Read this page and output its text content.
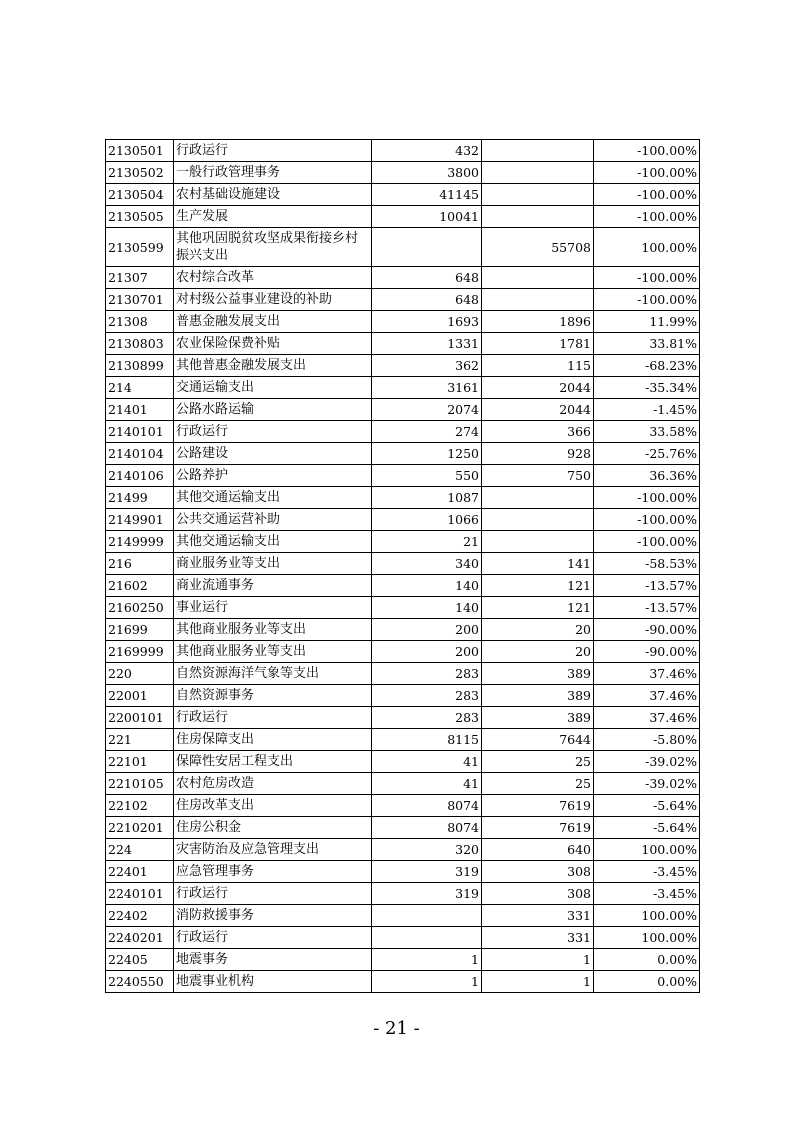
2130501	行政运行	432		-100.00%
2130502	一般行政管理事务	3800		-100.00%
2130504	农村基础设施建设	41145		-100.00%
2130505	生产发展	10041		-100.00%
2130599	其他巩固脱贫攻坚成果衔接乡村振兴支出		55708	100.00%
21307	农村综合改革	648		-100.00%
2130701	对村级公益事业建设的补助	648		-100.00%
21308	普惠金融发展支出	1693	1896	11.99%
2130803	农业保险保费补贴	1331	1781	33.81%
2130899	其他普惠金融发展支出	362	115	-68.23%
214	交通运输支出	3161	2044	-35.34%
21401	公路水路运输	2074	2044	-1.45%
2140101	行政运行	274	366	33.58%
2140104	公路建设	1250	928	-25.76%
2140106	公路养护	550	750	36.36%
21499	其他交通运输支出	1087		-100.00%
2149901	公共交通运营补助	1066		-100.00%
2149999	其他交通运输支出	21		-100.00%
216	商业服务业等支出	340	141	-58.53%
21602	商业流通事务	140	121	-13.57%
2160250	事业运行	140	121	-13.57%
21699	其他商业服务业等支出	200	20	-90.00%
2169999	其他商业服务业等支出	200	20	-90.00%
220	自然资源海洋气象等支出	283	389	37.46%
22001	自然资源事务	283	389	37.46%
2200101	行政运行	283	389	37.46%
221	住房保障支出	8115	7644	-5.80%
22101	保障性安居工程支出	41	25	-39.02%
2210105	农村危房改造	41	25	-39.02%
22102	住房改革支出	8074	7619	-5.64%
2210201	住房公积金	8074	7619	-5.64%
224	灾害防治及应急管理支出	320	640	100.00%
22401	应急管理事务	319	308	-3.45%
2240101	行政运行	319	308	-3.45%
22402	消防救援事务		331	100.00%
2240201	行政运行		331	100.00%
22405	地震事务	1	1	0.00%
2240550	地震事业机构	1	1	0.00%
- 21 -
